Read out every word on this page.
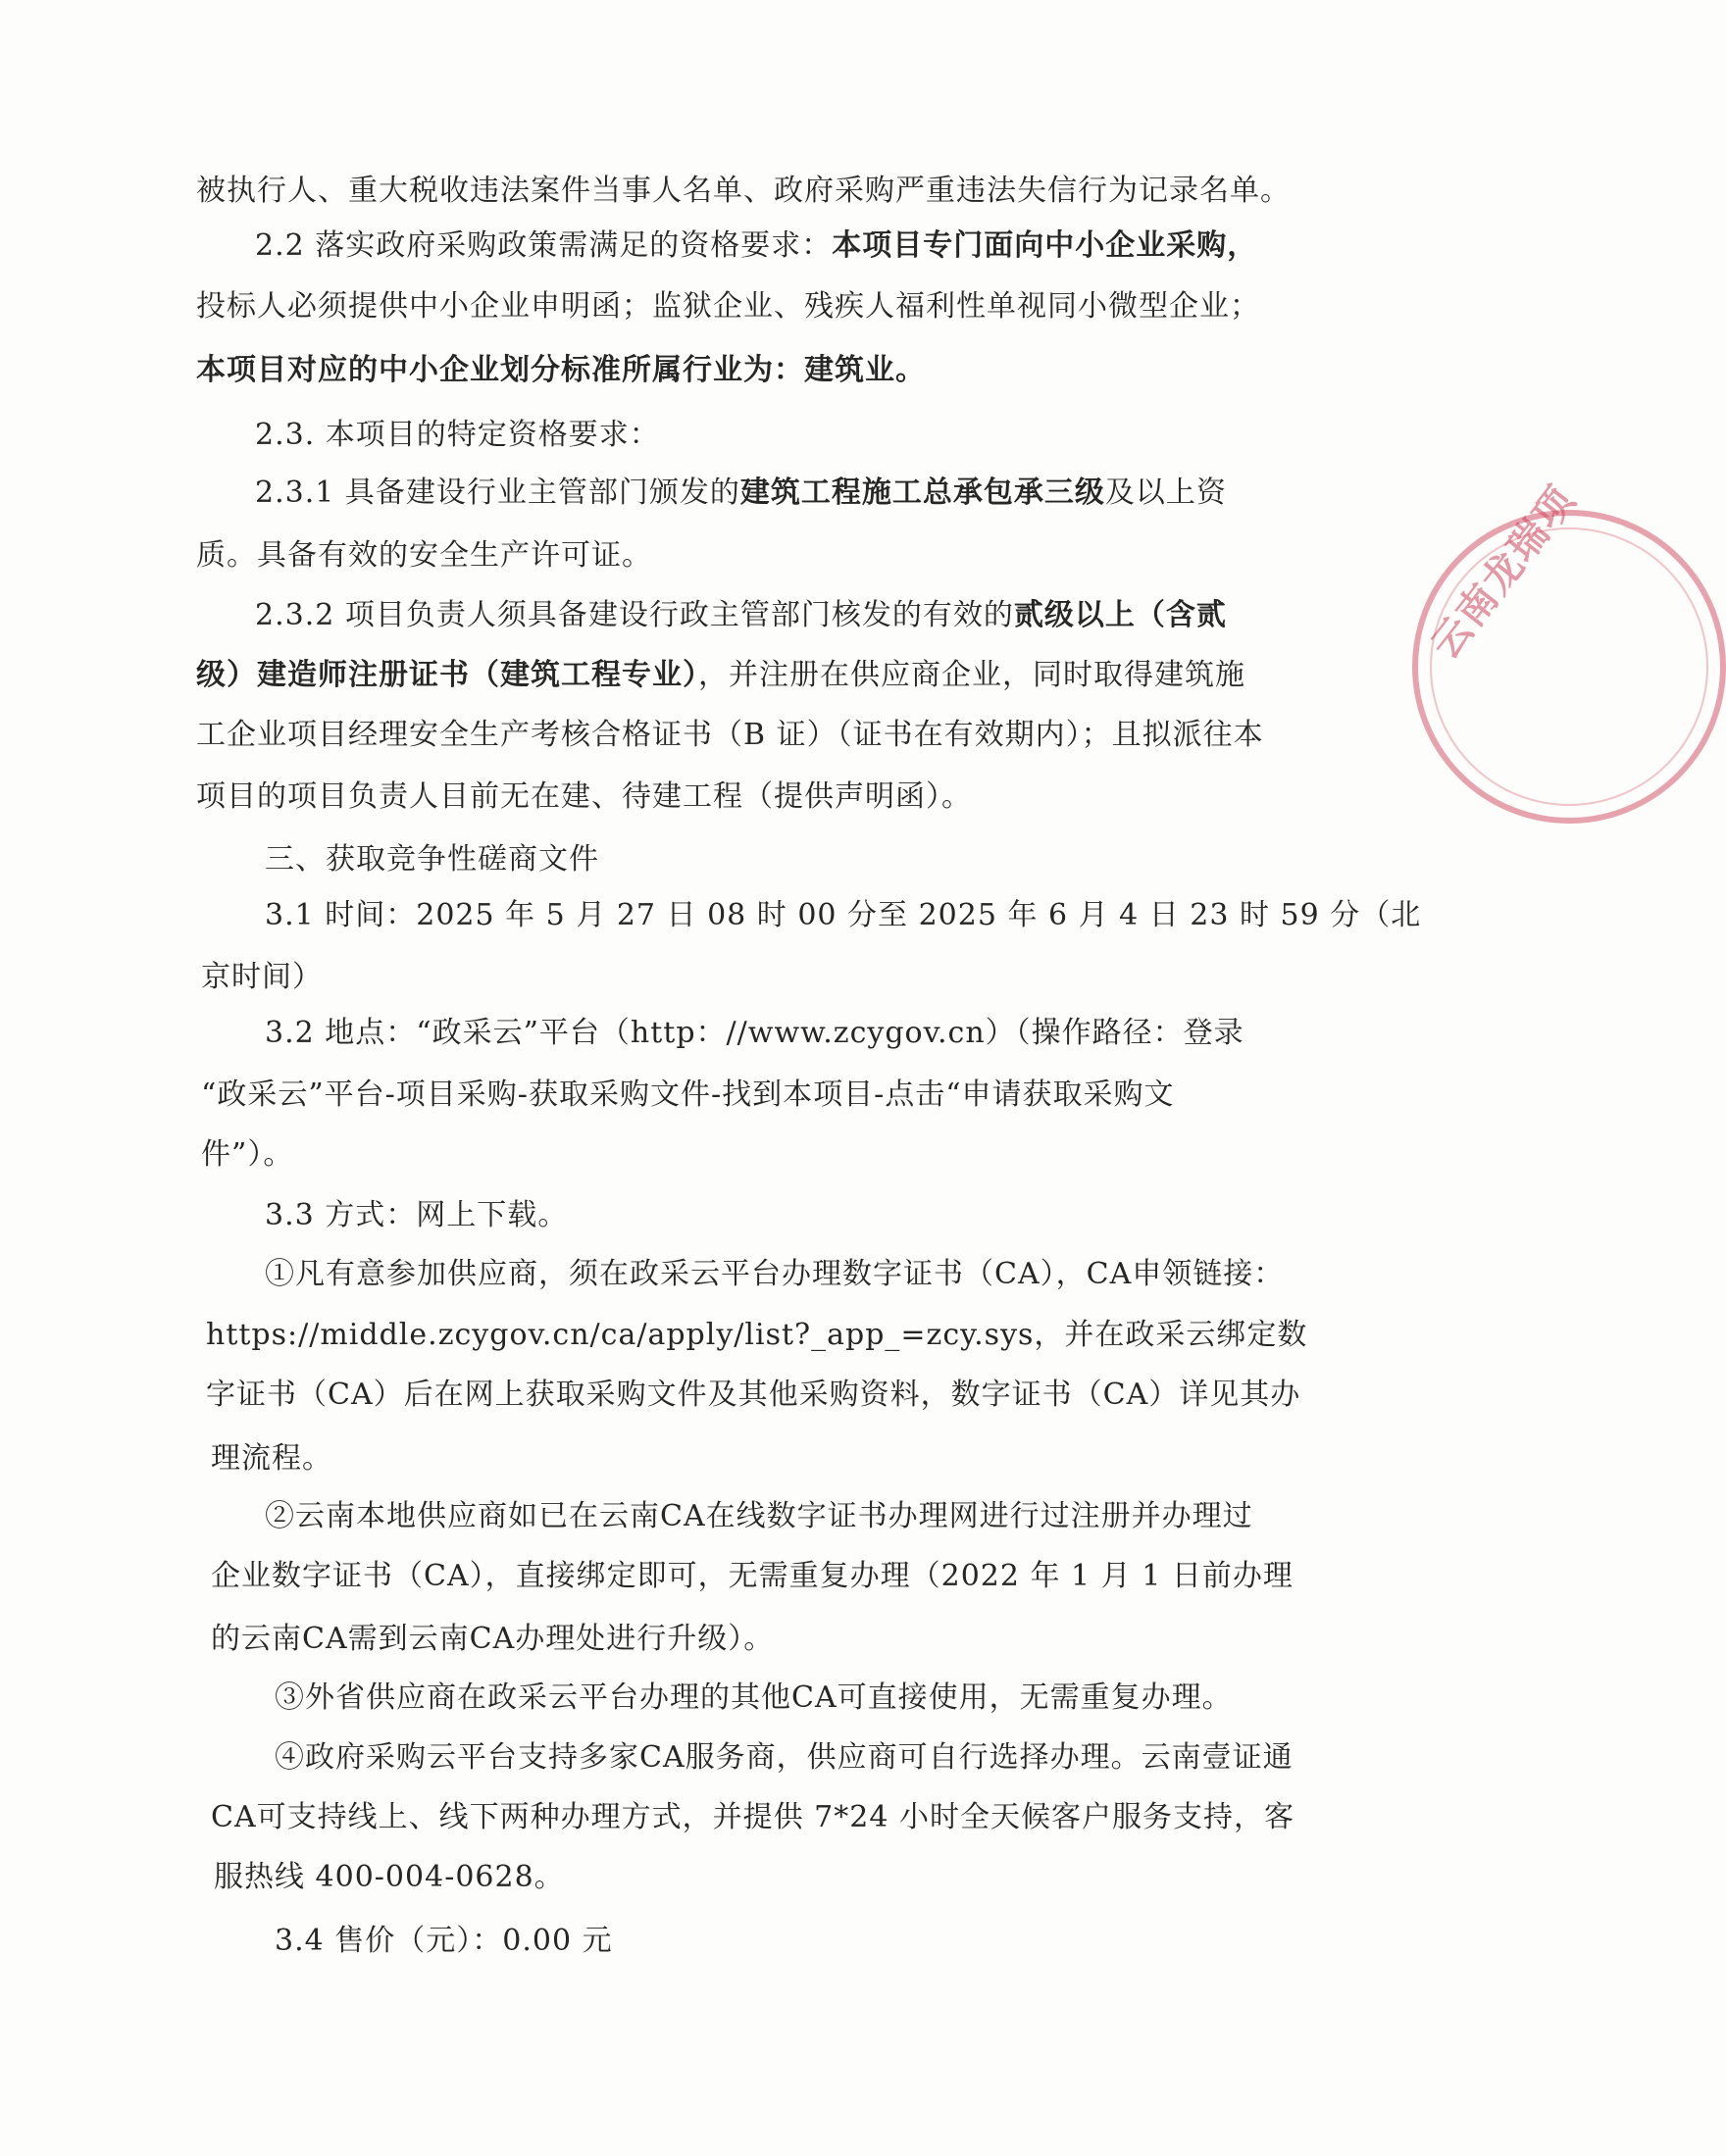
被执行人、重大税收违法案件当事人名单、政府采购严重违法失信行为记录名单。
2.2 落实政府采购政策需满足的资格要求：本项目专门面向中小企业采购，
投标人必须提供中小企业申明函；监狱企业、残疾人福利性单视同小微型企业；
本项目对应的中小企业划分标准所属行业为：建筑业。
2.3. 本项目的特定资格要求：
2.3.1 具备建设行业主管部门颁发的建筑工程施工总承包承三级及以上资
质。具备有效的安全生产许可证。
2.3.2 项目负责人须具备建设行政主管部门核发的有效的贰级以上（含贰
级）建造师注册证书（建筑工程专业），并注册在供应商企业，同时取得建筑施
工企业项目经理安全生产考核合格证书（B 证）（证书在有效期内）；且拟派往本
项目的项目负责人目前无在建、待建工程（提供声明函）。
三、获取竞争性磋商文件
3.1 时间：2025 年 5 月 27 日 08 时 00 分至 2025 年 6 月 4 日 23 时 59 分（北
京时间）
3.2 地点：“政采云”平台（http：//www.zcygov.cn）（操作路径：登录
“政采云”平台-项目采购-获取采购文件-找到本项目-点击“申请获取采购文
件”）。
3.3 方式：网上下载。
①凡有意参加供应商，须在政采云平台办理数字证书（CA），CA申领链接：
https://middle.zcygov.cn/ca/apply/list?_app_=zcy.sys，并在政采云绑定数
字证书（CA）后在网上获取采购文件及其他采购资料，数字证书（CA）详见其办
理流程。
②云南本地供应商如已在云南CA在线数字证书办理网进行过注册并办理过
企业数字证书（CA），直接绑定即可，无需重复办理（2022 年 1 月 1 日前办理
的云南CA需到云南CA办理处进行升级）。
③外省供应商在政采云平台办理的其他CA可直接使用，无需重复办理。
④政府采购云平台支持多家CA服务商，供应商可自行选择办理。云南壹证通
CA可支持线上、线下两种办理方式，并提供 7*24 小时全天候客户服务支持，客
服热线 400-004-0628。
3.4 售价（元）：0.00 元
云南龙瑞项
